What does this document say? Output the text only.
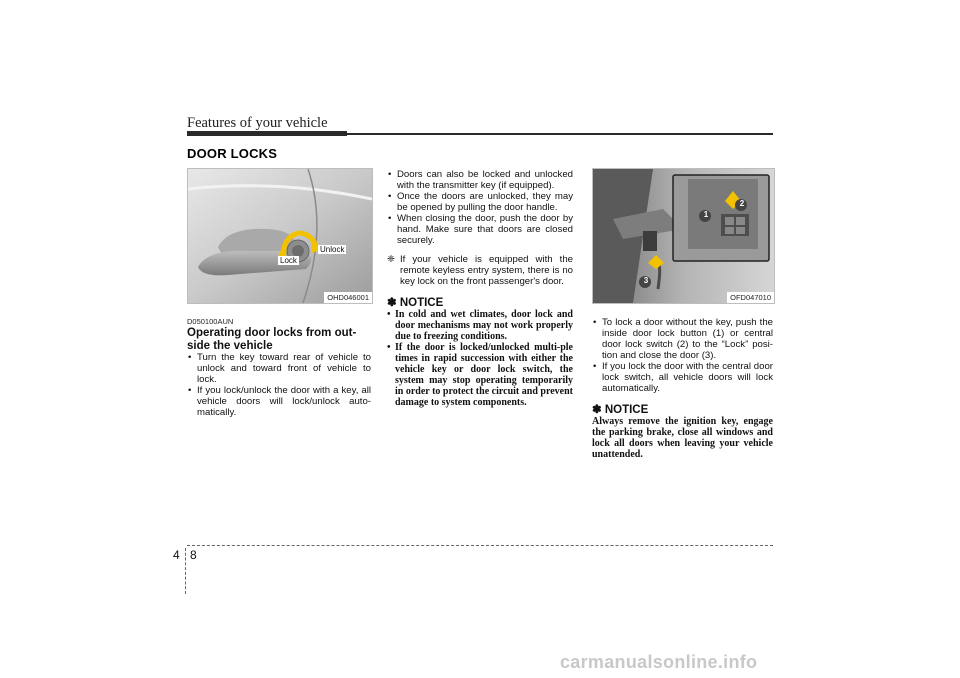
Features of your vehicle
DOOR LOCKS
Unlock
Lock
OHD046001
1
2
3
OFD047010

D050100AUN

Operating door locks from out-side the vehicle

• Turn the key toward rear of vehicle to unlock and toward front of vehicle to lock.

• If you lock/unlock the door with a key, all vehicle doors will lock/unlock auto-matically.

• Doors can also be locked and unlocked with the transmitter key (if equipped).

• Once the doors are unlocked, they may be opened by pulling the door handle.

• When closing the door, push the door by hand. Make sure that doors are closed securely.

❈ If your vehicle is equipped with the remote keyless entry system, there is no key lock on the front passenger's door.

✽ NOTICE

• In cold and wet climates, door lock and door mechanisms may not work properly due to freezing conditions.

• If the door is locked/unlocked multi-ple times in rapid succession with either the vehicle key or door lock switch, the system may stop operating temporarily in order to protect the circuit and prevent damage to system components.

• To lock a door without the key, push the inside door lock button (1) or central door lock switch (2) to the “Lock” posi-tion and close the door (3).

• If you lock the door with the central door lock switch, all vehicle doors will lock automatically.

✽ NOTICE

Always remove the ignition key, engage the parking brake, close all windows and lock all doors when leaving your vehicle unattended.

4 8
carmanualsonline.info
